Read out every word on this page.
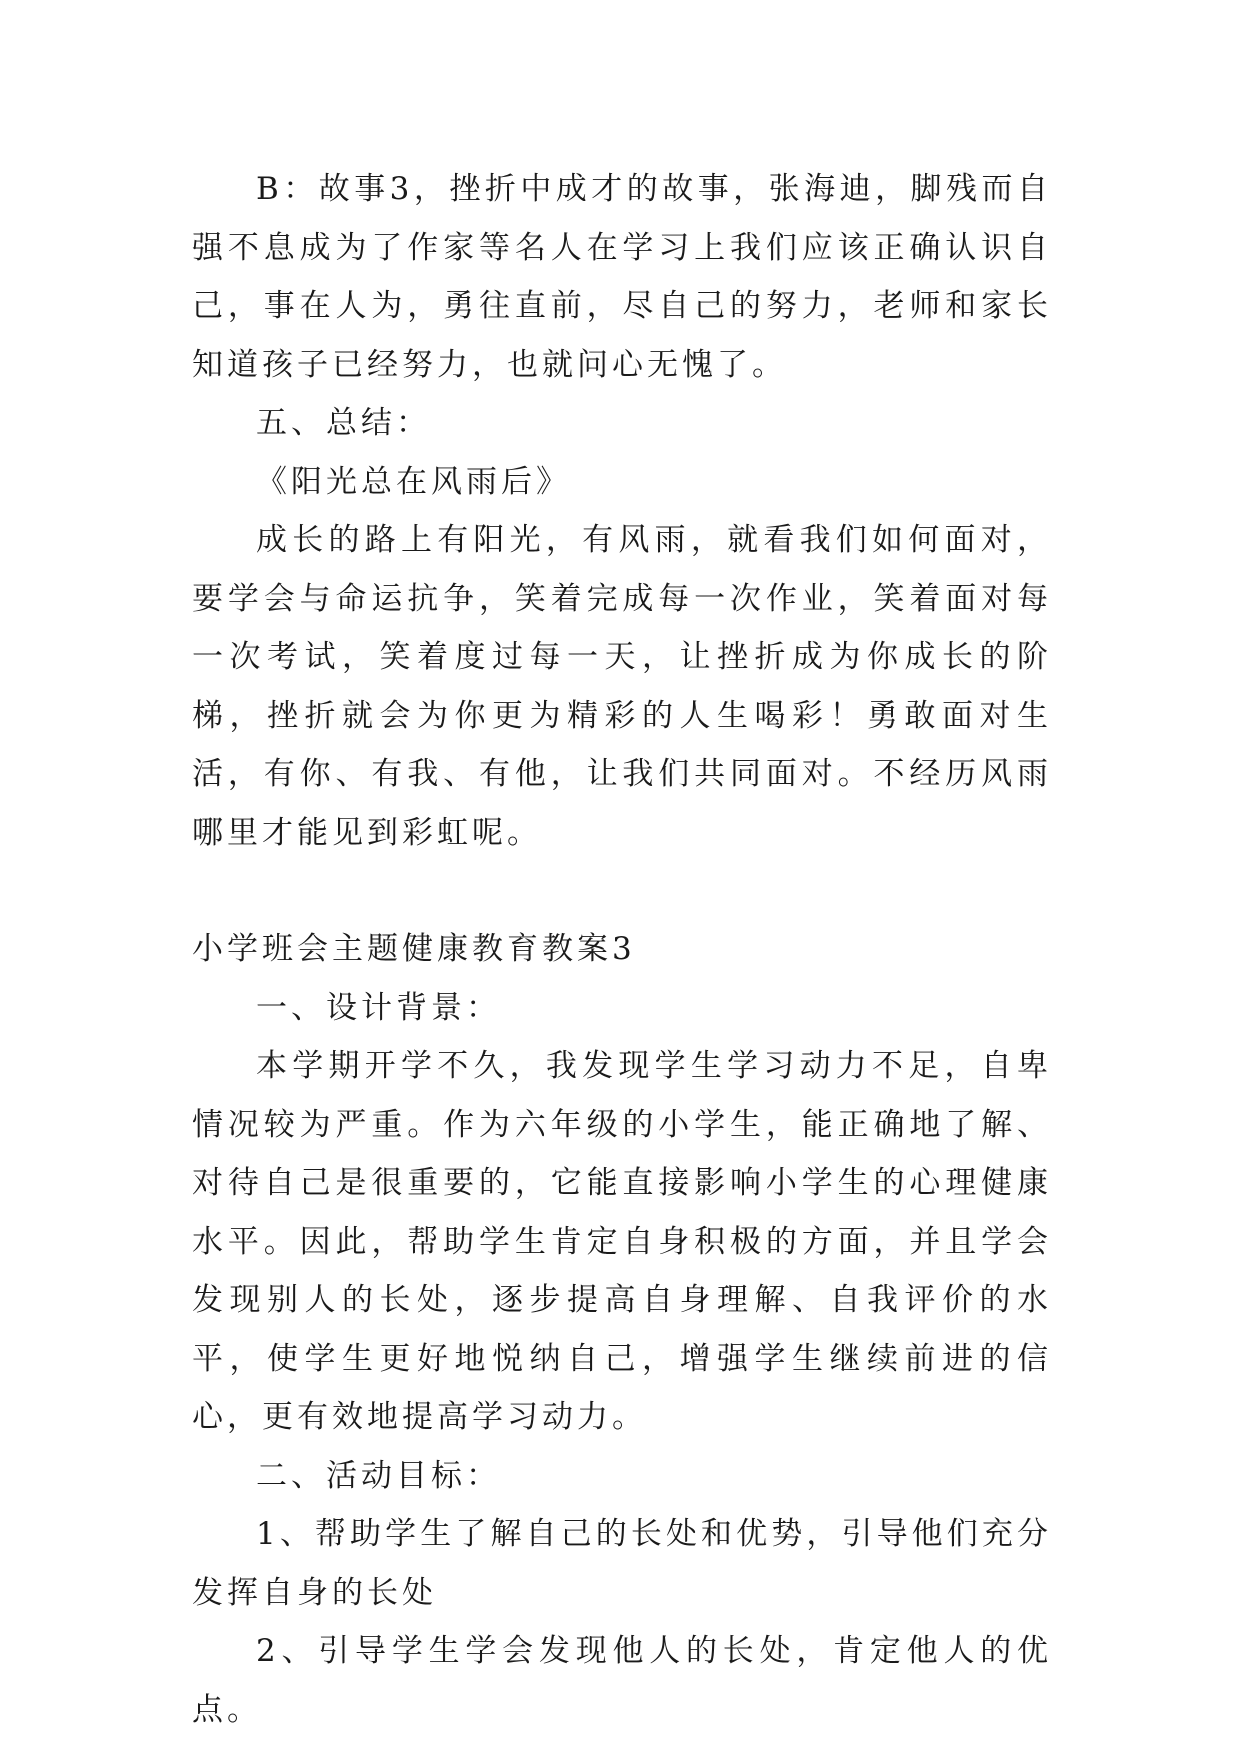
B：故事3，挫折中成才的故事，张海迪，脚残而自强不息成为了作家等名人在学习上我们应该正确认识自己，事在人为，勇往直前，尽自己的努力，老师和家长知道孩子已经努力，也就问心无愧了。

五、总结：

《阳光总在风雨后》

成长的路上有阳光，有风雨，就看我们如何面对，要学会与命运抗争，笑着完成每一次作业，笑着面对每一次考试，笑着度过每一天，让挫折成为你成长的阶梯，挫折就会为你更为精彩的人生喝彩！勇敢面对生活，有你、有我、有他，让我们共同面对。不经历风雨哪里才能见到彩虹呢。

小学班会主题健康教育教案3

一、设计背景：

本学期开学不久，我发现学生学习动力不足，自卑情况较为严重。作为六年级的小学生，能正确地了解、对待自己是很重要的，它能直接影响小学生的心理健康水平。因此，帮助学生肯定自身积极的方面，并且学会发现别人的长处，逐步提高自身理解、自我评价的水平，使学生更好地悦纳自己，增强学生继续前进的信心，更有效地提高学习动力。

二、活动目标：

1、帮助学生了解自己的长处和优势，引导他们充分发挥自身的长处

2、引导学生学会发现他人的长处，肯定他人的优点。
